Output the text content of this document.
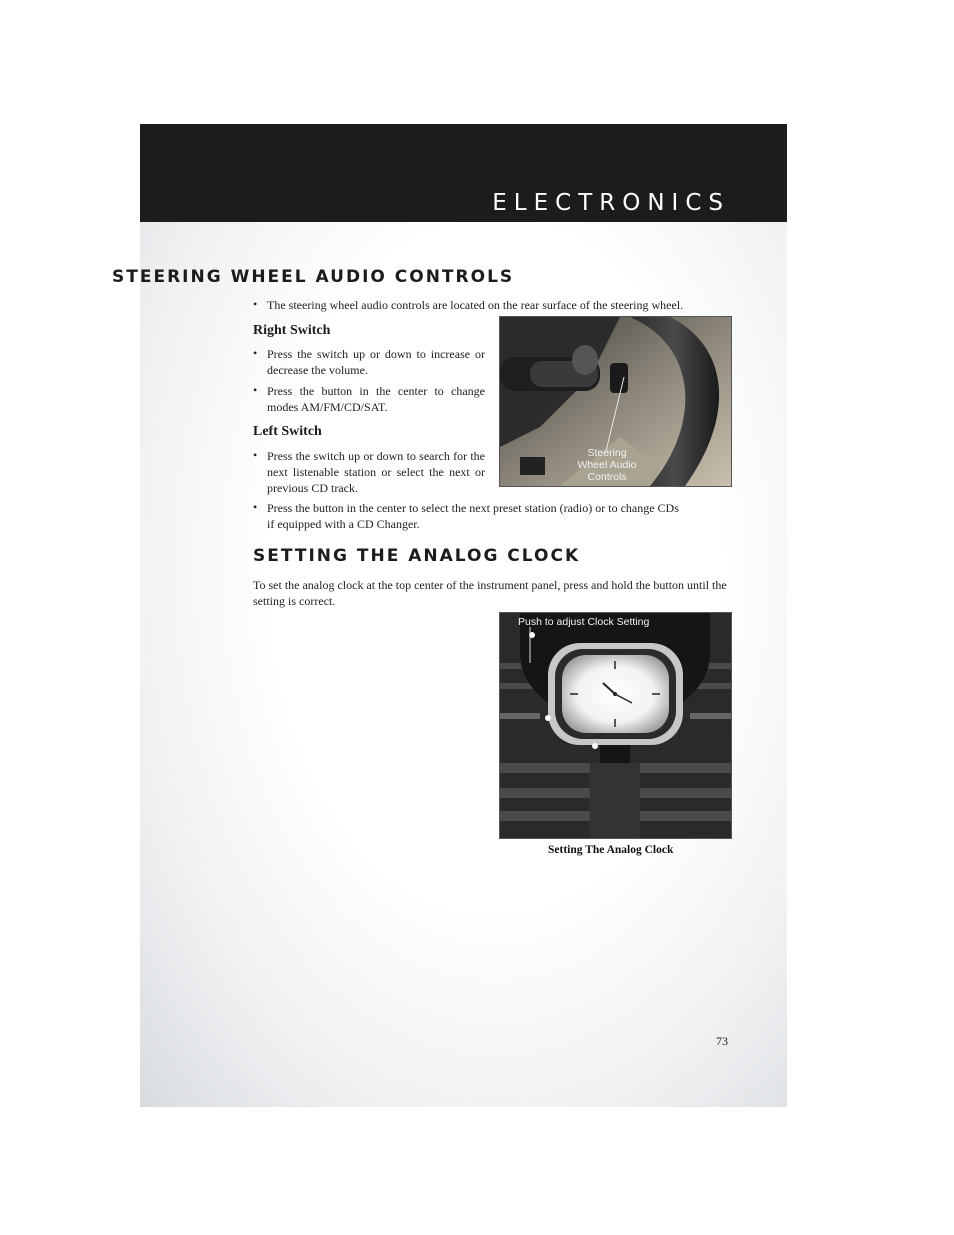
ELECTRONICS
STEERING WHEEL AUDIO CONTROLS
• The steering wheel audio controls are located on the rear surface of the steering wheel.
Right Switch
• Press the switch up or down to increase or decrease the volume.
• Press the button in the center to change modes AM/FM/CD/SAT.
Left Switch
• Press the switch up or down to search for the next listenable station or select the next or previous CD track.
• Press the button in the center to select the next preset station (radio) or to change CDs if equipped with a CD Changer.
Steering
Wheel Audio
Controls
SETTING THE ANALOG CLOCK
To set the analog clock at the top center of the instrument panel, press and hold the button until the setting is correct.
Push to adjust Clock Setting
Setting The Analog Clock
73
